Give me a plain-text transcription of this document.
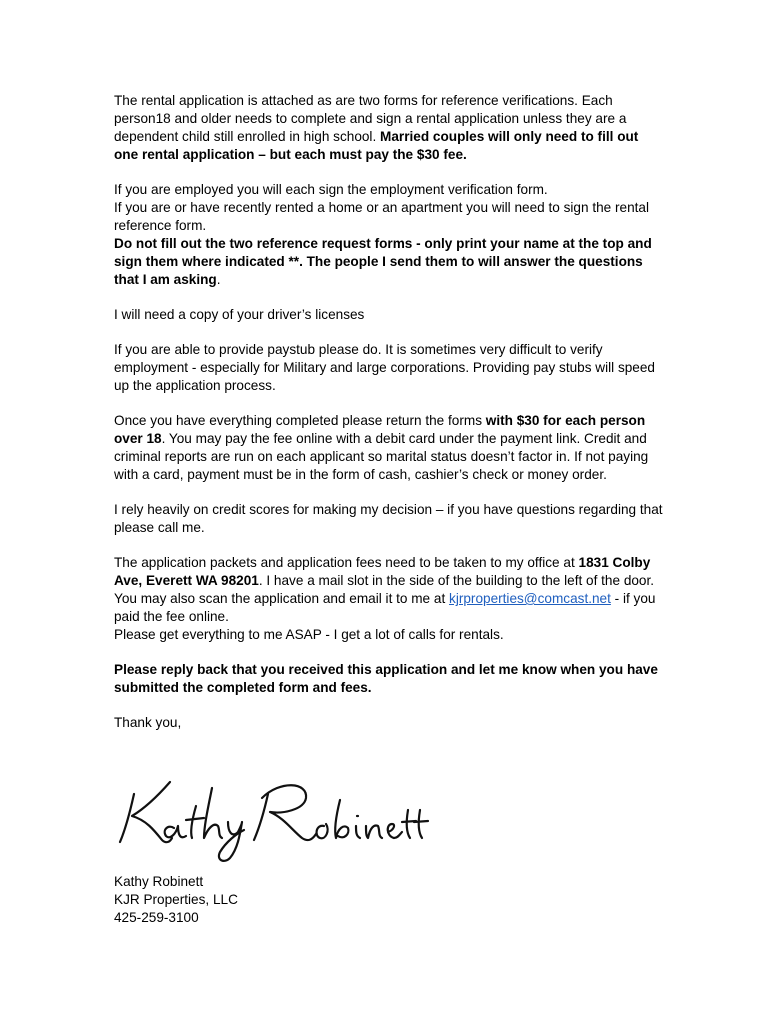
The rental application is attached as are two forms for reference verifications. Each person18 and older needs to complete and sign a rental application unless they are a dependent child still enrolled in high school. Married couples will only need to fill out one rental application – but each must pay the $30 fee.

If you are employed you will each sign the employment verification form.
If you are or have recently rented a home or an apartment you will need to sign the rental reference form.
Do not fill out the two reference request forms - only print your name at the top and sign them where indicated **. The people I send them to will answer the questions that I am asking.

I will need a copy of your driver’s licenses

If you are able to provide paystub please do. It is sometimes very difficult to verify employment - especially for Military and large corporations. Providing pay stubs will speed up the application process.

Once you have everything completed please return the forms with $30 for each person over 18. You may pay the fee online with a debit card under the payment link. Credit and criminal reports are run on each applicant so marital status doesn’t factor in. If not paying with a card, payment must be in the form of cash, cashier’s check or money order.

I rely heavily on credit scores for making my decision – if you have questions regarding that please call me.

The application packets and application fees need to be taken to my office at 1831 Colby Ave, Everett WA 98201. I have a mail slot in the side of the building to the left of the door. You may also scan the application and email it to me at kjrproperties@comcast.net - if you paid the fee online.
Please get everything to me ASAP - I get a lot of calls for rentals.

Please reply back that you received this application and let me know when you have submitted the completed form and fees.

Thank you,

Kathy Robinett
KJR Properties, LLC
425-259-3100
